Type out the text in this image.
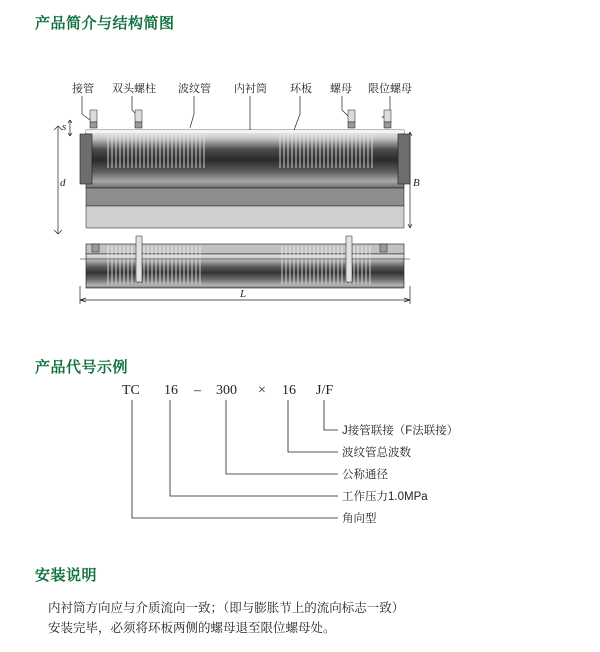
产品简介与结构简图
产品代号示例
安装说明
接管 双头螺柱 波纹管 内衬筒 环板 螺母 限位螺母
d
s
B
L
TC 16 – 300 × 16 J/F
J接管联接（F法联接）
波纹管总波数
公称通径
工作压力1.0MPa
角向型
内衬筒方向应与介质流向一致；（即与膨胀节上的流向标志一致）
安装完毕，必须将环板两侧的螺母退至限位螺母处。
